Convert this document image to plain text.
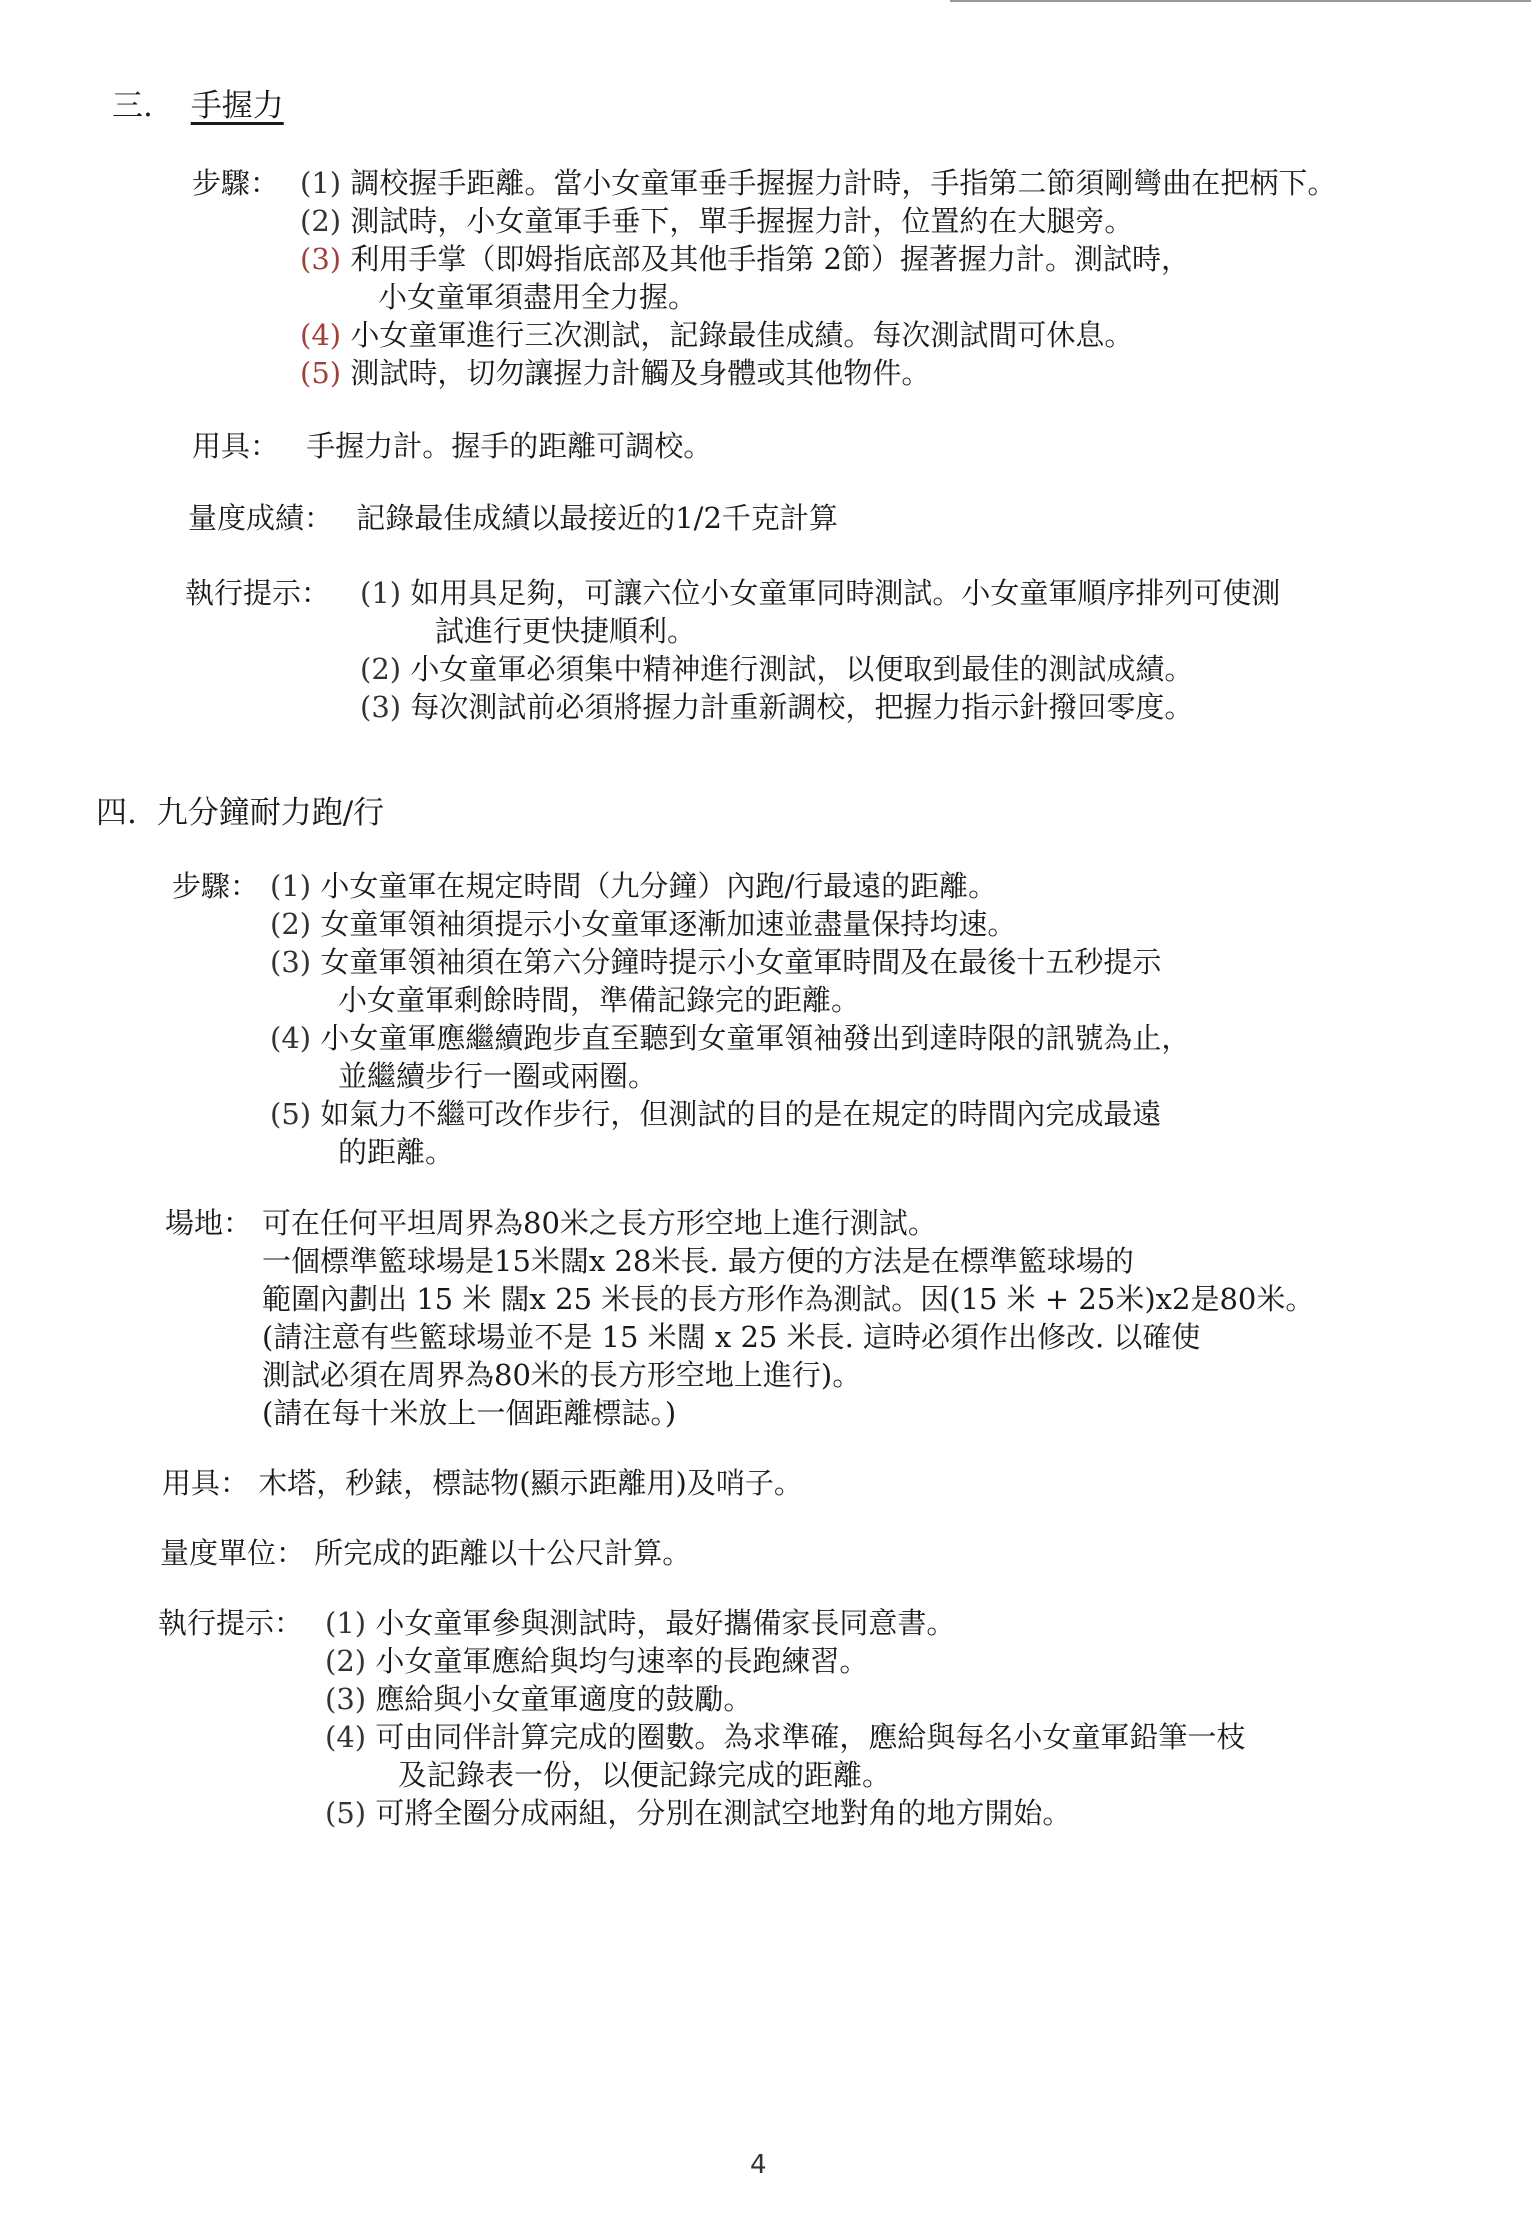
三. 手握力
步驟： (1) 調校握手距離。當小女童軍垂手握握力計時，手指第二節須剛彎曲在把柄下。
(2) 測試時，小女童軍手垂下，單手握握力計，位置約在大腿旁。
(3) 利用手掌（即姆指底部及其他手指第 2節）握著握力計。測試時，
小女童軍須盡用全力握。
(4) 小女童軍進行三次測試，記錄最佳成績。每次測試間可休息。
(5) 測試時，切勿讓握力計觸及身體或其他物件。
用具： 手握力計。握手的距離可調校。
量度成績： 記錄最佳成績以最接近的1/2千克計算
執行提示： (1) 如用具足夠，可讓六位小女童軍同時測試。小女童軍順序排列可使測
試進行更快捷順利。
(2) 小女童軍必須集中精神進行測試，以便取到最佳的測試成績。
(3) 每次測試前必須將握力計重新調校，把握力指示針撥回零度。
四. 九分鐘耐力跑/行
步驟： (1) 小女童軍在規定時間（九分鐘）內跑/行最遠的距離。
(2) 女童軍領袖須提示小女童軍逐漸加速並盡量保持均速。
(3) 女童軍領袖須在第六分鐘時提示小女童軍時間及在最後十五秒提示
小女童軍剩餘時間，準備記錄完的距離。
(4) 小女童軍應繼續跑步直至聽到女童軍領袖發出到達時限的訊號為止，
並繼續步行一圈或兩圈。
(5) 如氣力不繼可改作步行，但測試的目的是在規定的時間內完成最遠
的距離。
場地： 可在任何平坦周界為80米之長方形空地上進行測試。
一個標準籃球場是15米闊x 28米長. 最方便的方法是在標準籃球場的
範圍內劃出 15 米 闊x 25 米長的長方形作為測試。因(15 米 + 25米)x2是80米。
(請注意有些籃球場並不是 15 米闊 x 25 米長. 這時必須作出修改. 以確使
測試必須在周界為80米的長方形空地上進行)。
(請在每十米放上一個距離標誌。)
用具： 木塔，秒錶，標誌物(顯示距離用)及哨子。
量度單位： 所完成的距離以十公尺計算。
執行提示： (1) 小女童軍參與測試時，最好攜備家長同意書。
(2) 小女童軍應給與均勻速率的長跑練習。
(3) 應給與小女童軍適度的鼓勵。
(4) 可由同伴計算完成的圈數。為求準確，應給與每名小女童軍鉛筆一枝
及記錄表一份，以便記錄完成的距離。
(5) 可將全圈分成兩組，分別在測試空地對角的地方開始。
4
